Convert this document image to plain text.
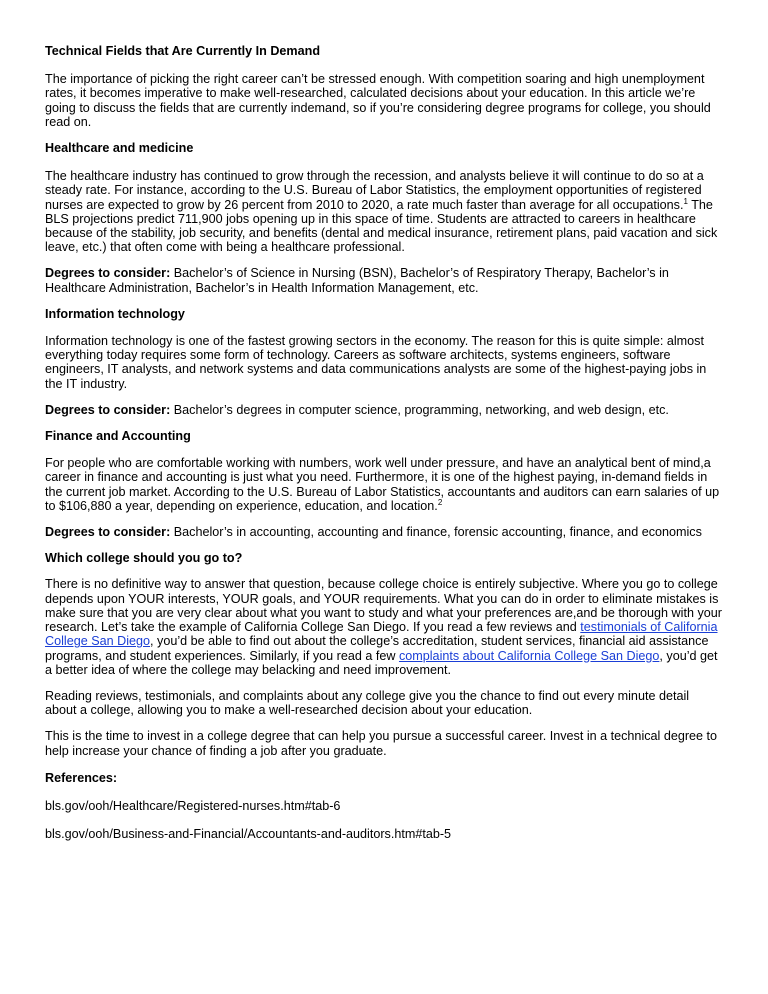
Technical Fields that Are Currently In Demand

The importance of picking the right career can’t be stressed enough. With competition soaring and high unemployment rates, it becomes imperative to make well-researched, calculated decisions about your education. In this article we’re going to discuss the fields that are currently indemand, so if you’re considering degree programs for college, you should read on.

Healthcare and medicine

The healthcare industry has continued to grow through the recession, and analysts believe it will continue to do so at a steady rate. For instance, according to the U.S. Bureau of Labor Statistics, the employment opportunities of registered nurses are expected to grow by 26 percent from 2010 to 2020, a rate much faster than average for all occupations.$^1$ The BLS projections predict 711,900 jobs opening up in this space of time. Students are attracted to careers in healthcare because of the stability, job security, and benefits (dental and medical insurance, retirement plans, paid vacation and sick leave, etc.) that often come with being a healthcare professional.

Degrees to consider: Bachelor’s of Science in Nursing (BSN), Bachelor’s of Respiratory Therapy, Bachelor’s in Healthcare Administration, Bachelor’s in Health Information Management, etc.

Information technology

Information technology is one of the fastest growing sectors in the economy. The reason for this is quite simple: almost everything today requires some form of technology. Careers as software architects, systems engineers, software engineers, IT analysts, and network systems and data communications analysts are some of the highest-paying jobs in the IT industry.

Degrees to consider: Bachelor’s degrees in computer science, programming, networking, and web design, etc.

Finance and Accounting

For people who are comfortable working with numbers, work well under pressure, and have an analytical bent of mind,a career in finance and accounting is just what you need. Furthermore, it is one of the highest paying, in-demand fields in the current job market. According to the U.S. Bureau of Labor Statistics, accountants and auditors can earn salaries of up to $106,880 a year, depending on experience, education, and location.$^2$

Degrees to consider: Bachelor’s in accounting, accounting and finance, forensic accounting, finance, and economics

Which college should you go to?

There is no definitive way to answer that question, because college choice is entirely subjective. Where you go to college depends upon YOUR interests, YOUR goals, and YOUR requirements. What you can do in order to eliminate mistakes is make sure that you are very clear about what you want to study and what your preferences are,and be thorough with your research. Let’s take the example of California College San Diego. If you read a few reviews and testimonials of California College San Diego, you’d be able to find out about the college’s accreditation, student services, financial aid assistance programs, and student experiences. Similarly, if you read a few complaints about California College San Diego, you’d get a better idea of where the college may belacking and need improvement.

Reading reviews, testimonials, and complaints about any college give you the chance to find out every minute detail about a college, allowing you to make a well-researched decision about your education.

This is the time to invest in a college degree that can help you pursue a successful career. Invest in a technical degree to help increase your chance of finding a job after you graduate.

References:

bls.gov/ooh/Healthcare/Registered-nurses.htm#tab-6

bls.gov/ooh/Business-and-Financial/Accountants-and-auditors.htm#tab-5
